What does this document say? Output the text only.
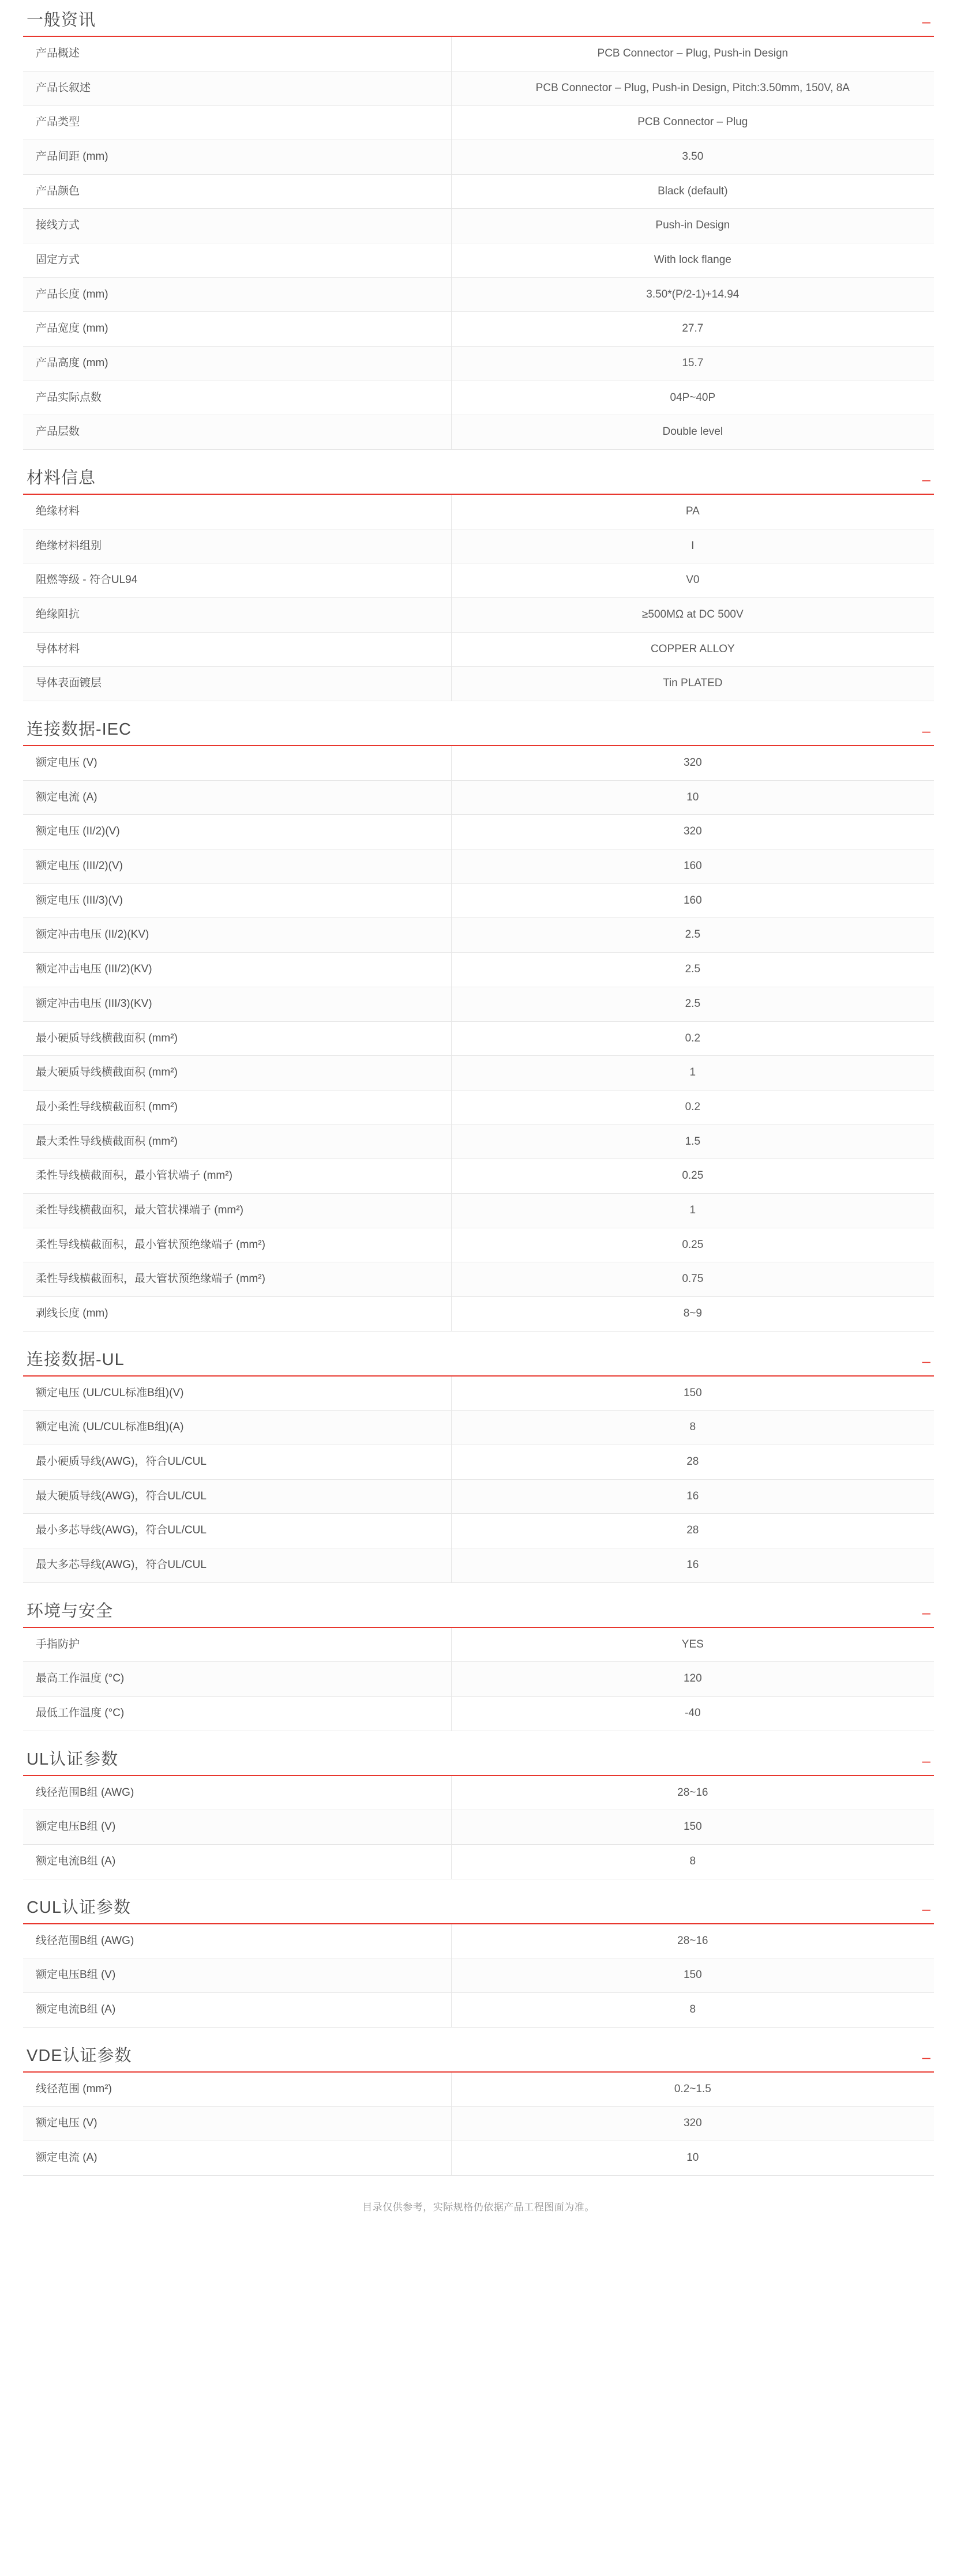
一般资讯	–
产品概述	PCB Connector – Plug, Push-in Design
产品长叙述	PCB Connector – Plug, Push-in Design, Pitch:3.50mm, 150V, 8A
产品类型	PCB Connector – Plug
产品间距 (mm)	3.50
产品颜色	Black (default)
接线方式	Push-in Design
固定方式	With lock flange
产品长度 (mm)	3.50*(P/2-1)+14.94
产品宽度 (mm)	27.7
产品高度 (mm)	15.7
产品实际点数	04P~40P
产品层数	Double level
材料信息	–
绝缘材料	PA
绝缘材料组别	I
阻燃等级 - 符合UL94	V0
绝缘阻抗	≥500MΩ at DC 500V
导体材料	COPPER ALLOY
导体表面镀层	Tin PLATED
连接数据-IEC	–
额定电压 (V)	320
额定电流 (A)	10
额定电压 (II/2)(V)	320
额定电压 (III/2)(V)	160
额定电压 (III/3)(V)	160
额定冲击电压 (II/2)(KV)	2.5
额定冲击电压 (III/2)(KV)	2.5
额定冲击电压 (III/3)(KV)	2.5
最小硬质导线横截面积 (mm²)	0.2
最大硬质导线横截面积 (mm²)	1
最小柔性导线横截面积 (mm²)	0.2
最大柔性导线横截面积 (mm²)	1.5
柔性导线横截面积，最小管状端子 (mm²)	0.25
柔性导线横截面积，最大管状裸端子 (mm²)	1
柔性导线横截面积，最小管状预绝缘端子 (mm²)	0.25
柔性导线横截面积，最大管状预绝缘端子 (mm²)	0.75
剥线长度 (mm)	8~9
连接数据-UL	–
额定电压 (UL/CUL标准B组)(V)	150
额定电流 (UL/CUL标准B组)(A)	8
最小硬质导线(AWG)，符合UL/CUL	28
最大硬质导线(AWG)，符合UL/CUL	16
最小多芯导线(AWG)，符合UL/CUL	28
最大多芯导线(AWG)，符合UL/CUL	16
环境与安全	–
手指防护	YES
最高工作温度 (°C)	120
最低工作温度 (°C)	-40
UL认证参数	–
线径范围B组 (AWG)	28~16
额定电压B组 (V)	150
额定电流B组 (A)	8
CUL认证参数	–
线径范围B组 (AWG)	28~16
额定电压B组 (V)	150
额定电流B组 (A)	8
VDE认证参数	–
线径范围 (mm²)	0.2~1.5
额定电压 (V)	320
额定电流 (A)	10
目录仅供参考，实际规格仍依据产品工程图面为准。
